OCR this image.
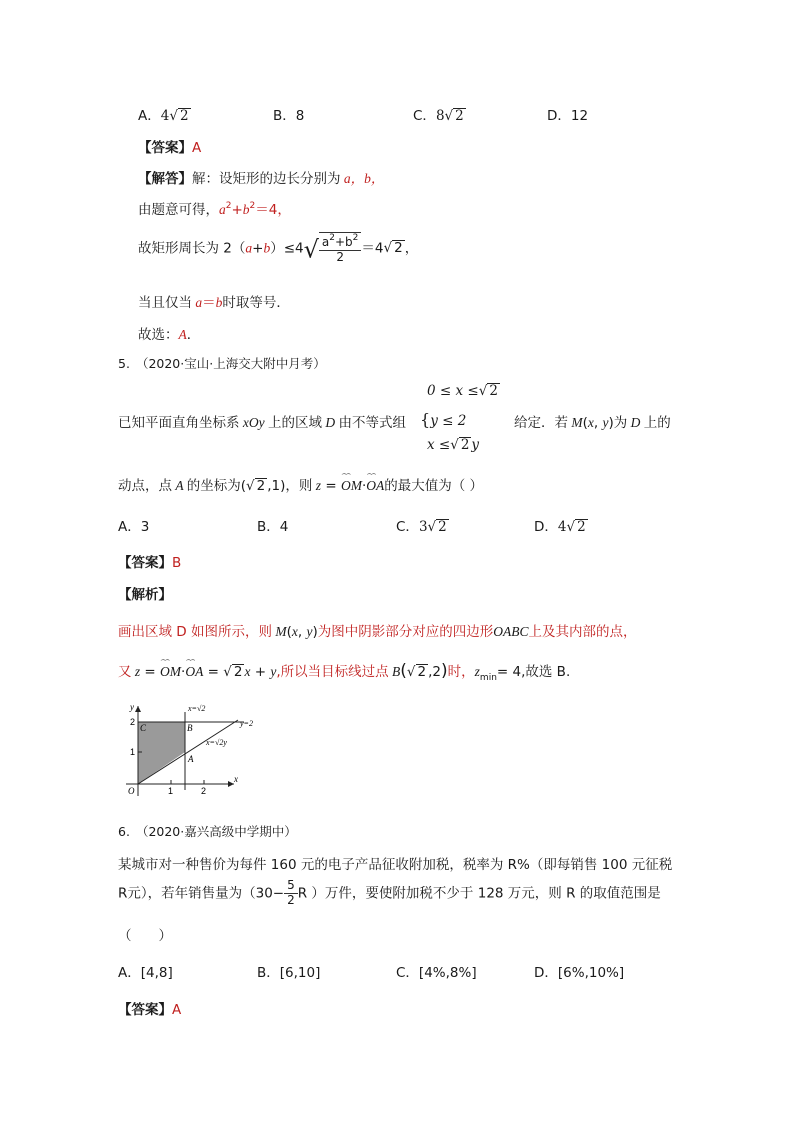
A．4√ 2	B．8	C．8√ 2	D．12
【答案】A
【解答】解：设矩形的边长分别为 a，b，
由题意可得，$a^2+b^2=4$，
故矩形周长为 $2(a+b)\le 4√ \frac{a^2+b^2}{2} =4√$ 2 ，
当且仅当 a＝b时取等号．
故选：A．
5. （2020·宝山·上海交大附中月考）
0 ≤ x ≤√ 2
{y ≤ 2
x ≤√ 2 y
已知平面直角坐标系 xOy 上的区域 D 由不等式组	给定．若 M(x, y)为 D 上的
动点，点 A 的坐标为(√ 2 ,1)，则 z = ⌢⌢ OM·⌢⌢ OA的最大值为（ ）
A．3	B．4	C．3√ 2	D．4√ 2
【答案】B
【解析】
画出区域 D 如图所示，则 M(x, y)为图中阴影部分对应的四边形OABC上及其内部的点，
又 z = ⌢⌢ OM·⌢⌢ OA = √ 2 x + y,所以当目标线过点 B(√ 2 ,2)时，$z_{min}= 4$,故选 B.
y
x
O
C	B
A
1
2
1	2
x=√2
y=2
x=√2y
6. （2020·嘉兴高级中学期中）
某城市对一种售价为每件 160 元的电子产品征收附加税，税率为 R%（即每销售 100 元征税
R元），若年销售量为（$30- \frac{5}{2}$ R ）万件，要使附加税不少于 128 万元，则 R 的取值范围是
（　　）
A．[4,8]	B．[6,10]	C．[4%,8%]	D．[6%,10%]
【答案】A
